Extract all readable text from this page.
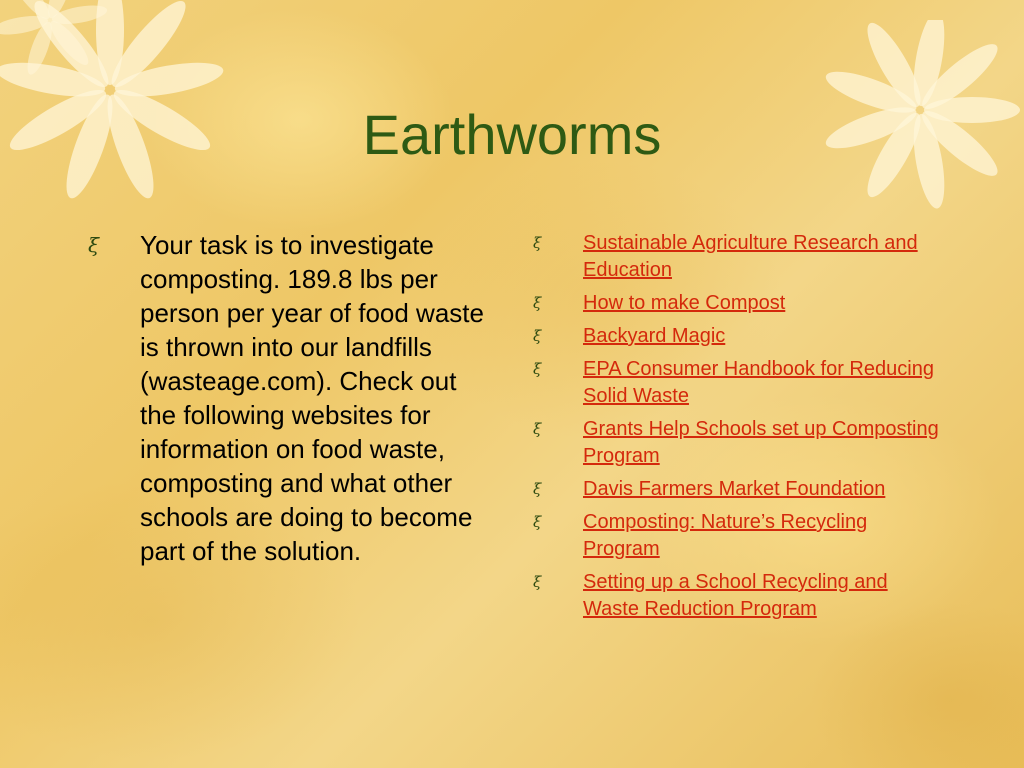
Earthworms
ξ	Your task is to investigate composting. 189.8 lbs per person per year of food waste is thrown into our landfills (wasteage.com). Check out the following websites for information on food waste, composting and what other schools are doing to become part of the solution.
ξ	Sustainable Agriculture Research and Education
ξ	How to make Compost
ξ	Backyard Magic
ξ	EPA Consumer Handbook for Reducing Solid Waste
ξ	Grants Help Schools set up Composting Program
ξ	Davis Farmers Market Foundation
ξ	Composting: Nature’s Recycling Program
ξ	Setting up a School Recycling and Waste Reduction Program
